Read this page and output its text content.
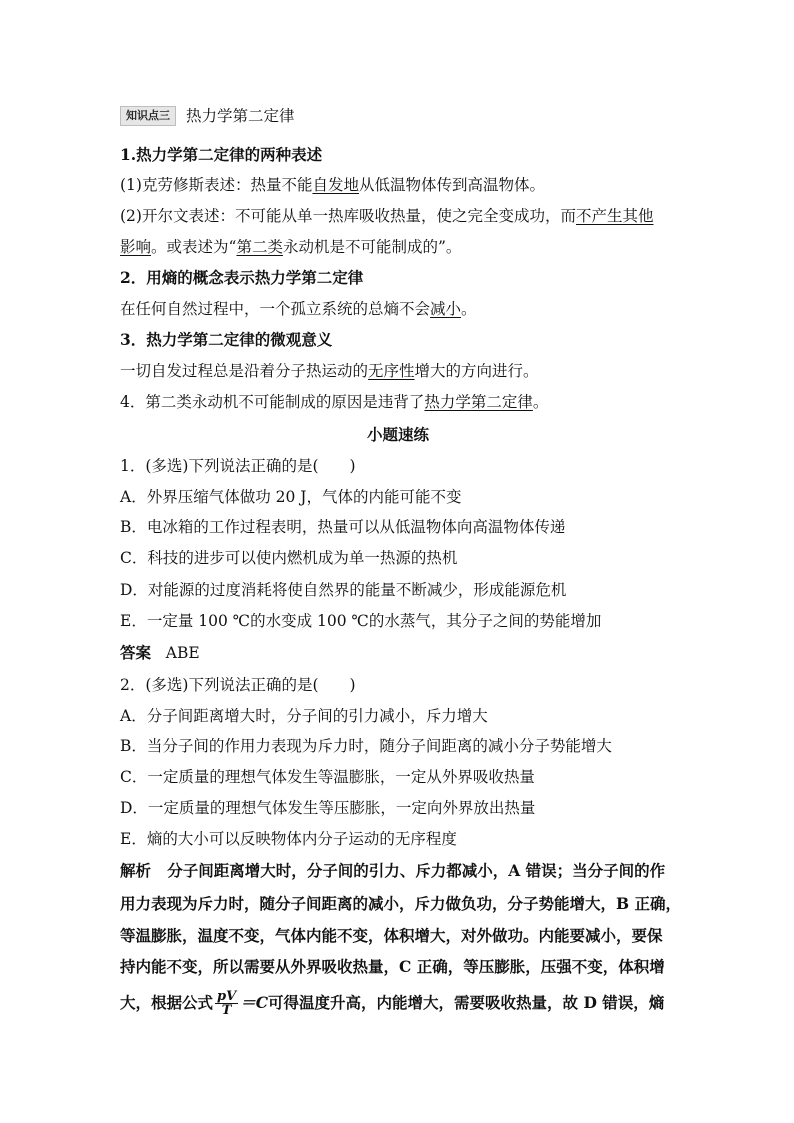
知识点三	热力学第二定律
1.热力学第二定律的两种表述
(1)克劳修斯表述：热量不能自发地从低温物体传到高温物体。
(2)开尔文表述：不可能从单一热库吸收热量，使之完全变成功，而不产生其他
影响。或表述为“第二类永动机是不可能制成的”。
2．用熵的概念表示热力学第二定律
在任何自然过程中，一个孤立系统的总熵不会减小。
3．热力学第二定律的微观意义
一切自发过程总是沿着分子热运动的无序性增大的方向进行。
4．第二类永动机不可能制成的原因是违背了热力学第二定律。
小题速练
1．(多选)下列说法正确的是(　　)
A．外界压缩气体做功 20 J，气体的内能可能不变
B．电冰箱的工作过程表明，热量可以从低温物体向高温物体传递
C．科技的进步可以使内燃机成为单一热源的热机
D．对能源的过度消耗将使自然界的能量不断减少，形成能源危机
E．一定量 100 ℃的水变成 100 ℃的水蒸气，其分子之间的势能增加
答案 ABE
2．(多选)下列说法正确的是(　　)
A．分子间距离增大时，分子间的引力减小，斥力增大
B．当分子间的作用力表现为斥力时，随分子间距离的减小分子势能增大
C．一定质量的理想气体发生等温膨胀，一定从外界吸收热量
D．一定质量的理想气体发生等压膨胀，一定向外界放出热量
E．熵的大小可以反映物体内分子运动的无序程度
解析 分子间距离增大时，分子间的引力、斥力都减小，A 错误；当分子间的作
用力表现为斥力时，随分子间距离的减小，斥力做负功，分子势能增大，B 正确，
等温膨胀，温度不变，气体内能不变，体积增大，对外做功。内能要减小，要保
持内能不变，所以需要从外界吸收热量，C 正确，等压膨胀，压强不变，体积增
大，根据公式 $\frac{pV}{T} =C$ 可得温度升高，内能增大，需要吸收热量，故 D 错误，熵
